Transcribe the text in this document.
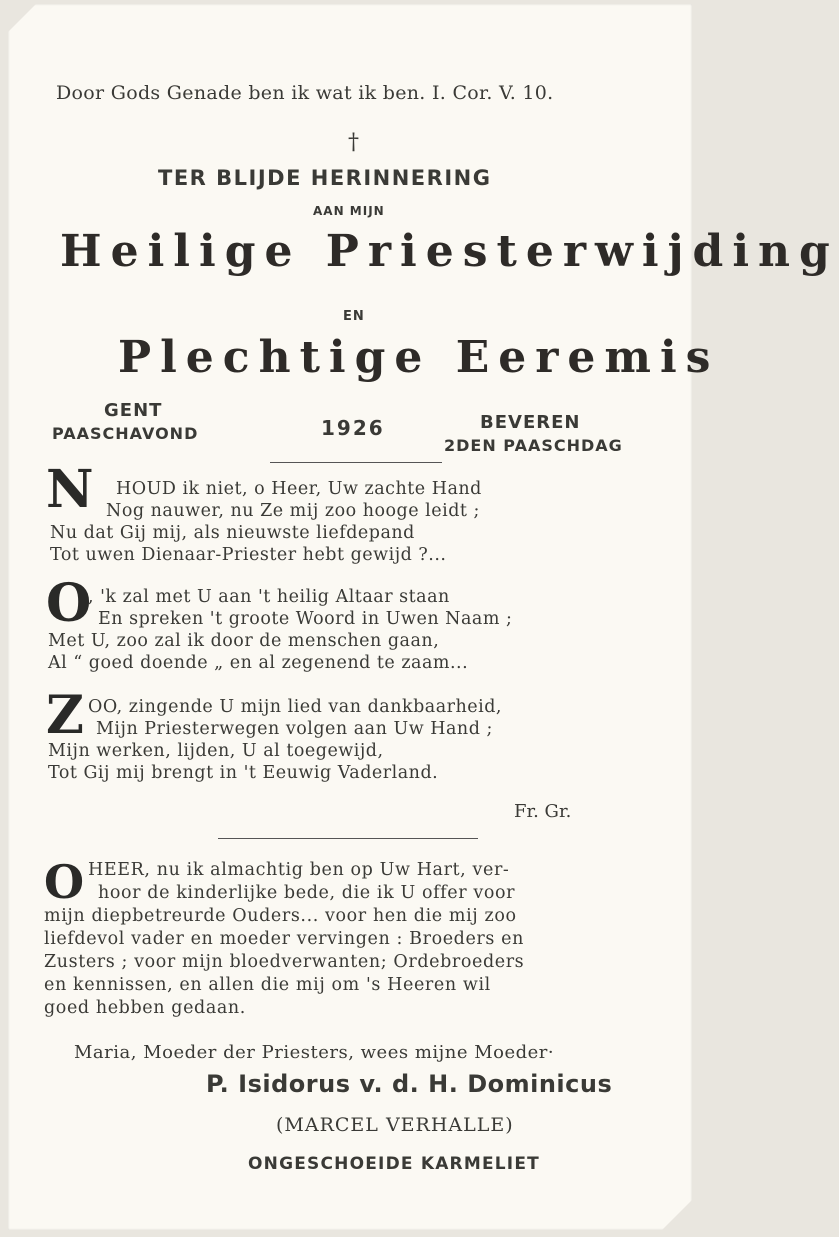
Door Gods Genade ben ik wat ik ben. I. Cor. V. 10.
†
TER BLIJDE HERINNERING
AAN MIJN
Heilige Priesterwijding
EN
Plechtige Eeremis
GENT
PAASCHAVOND	1926	BEVEREN
2DEN PAASCHDAG
N	HOUD ik niet, o Heer, Uw zachte Hand
Nog nauwer, nu Ze mij zoo hooge leidt ;
Nu dat Gij mij, als nieuwste liefdepand
Tot uwen Dienaar-Priester hebt gewijd ?...
O
, 'k zal met U aan 't heilig Altaar staan
En spreken 't groote Woord in Uwen Naam ;
Met U, zoo zal ik door de menschen gaan,
Al “ goed doende „ en al zegenend te zaam...
Z OO, zingende U mijn lied van dankbaarheid,
Mijn Priesterwegen volgen aan Uw Hand ;
Mijn werken, lijden, U al toegewijd,
Tot Gij mij brengt in 't Eeuwig Vaderland.
Fr. Gr.
O HEER, nu ik almachtig ben op Uw Hart, ver-
hoor de kinderlijke bede, die ik U offer voor
mijn diepbetreurde Ouders... voor hen die mij zoo
liefdevol vader en moeder vervingen : Broeders en
Zusters ; voor mijn bloedverwanten; Ordebroeders
en kennissen, en allen die mij om 's Heeren wil
goed hebben gedaan.
Maria, Moeder der Priesters, wees mijne Moeder·
P. Isidorus v. d. H. Dominicus
(MARCEL VERHALLE)
ONGESCHOEIDE KARMELIET
